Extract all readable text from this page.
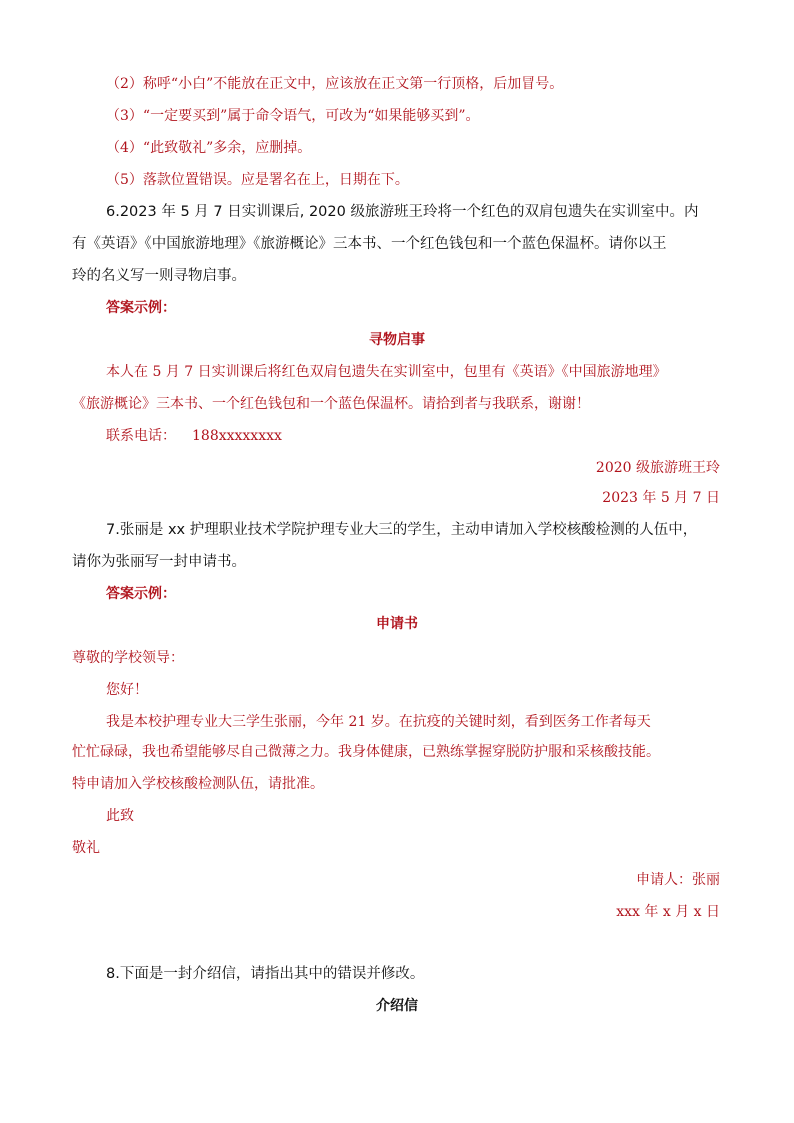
（2）称呼“小白”不能放在正文中，应该放在正文第一行顶格，后加冒号。
（3）“一定要买到”属于命令语气，可改为“如果能够买到”。
（4）“此致敬礼”多余，应删掉。
（5）落款位置错误。应是署名在上，日期在下。
6.2023 年 5 月 7 日实训课后, 2020 级旅游班王玲将一个红色的双肩包遗失在实训室中。内
有《英语》《中国旅游地理》《旅游概论》三本书、一个红色钱包和一个蓝色保温杯。请你以王
玲的名义写一则寻物启事。
答案示例：
寻物启事
本人在 5 月 7 日实训课后将红色双肩包遗失在实训室中，包里有《英语》《中国旅游地理》
《旅游概论》三本书、一个红色钱包和一个蓝色保温杯。请拾到者与我联系，谢谢！
联系电话： 188xxxxxxxx
2020 级旅游班王玲
2023 年 5 月 7 日
7.张丽是 xx 护理职业技术学院护理专业大三的学生，主动申请加入学校核酸检测的人伍中，
请你为张丽写一封申请书。
答案示例：
申请书
尊敬的学校领导：
您好！
我是本校护理专业大三学生张丽，今年 21 岁。在抗疫的关键时刻，看到医务工作者每天
忙忙碌碌，我也希望能够尽自己微薄之力。我身体健康，已熟练掌握穿脱防护服和采核酸技能。
特申请加入学校核酸检测队伍，请批准。
此致
敬礼
申请人：张丽
xxx 年 x 月 x 日
8.下面是一封介绍信，请指出其中的错误并修改。
介绍信
